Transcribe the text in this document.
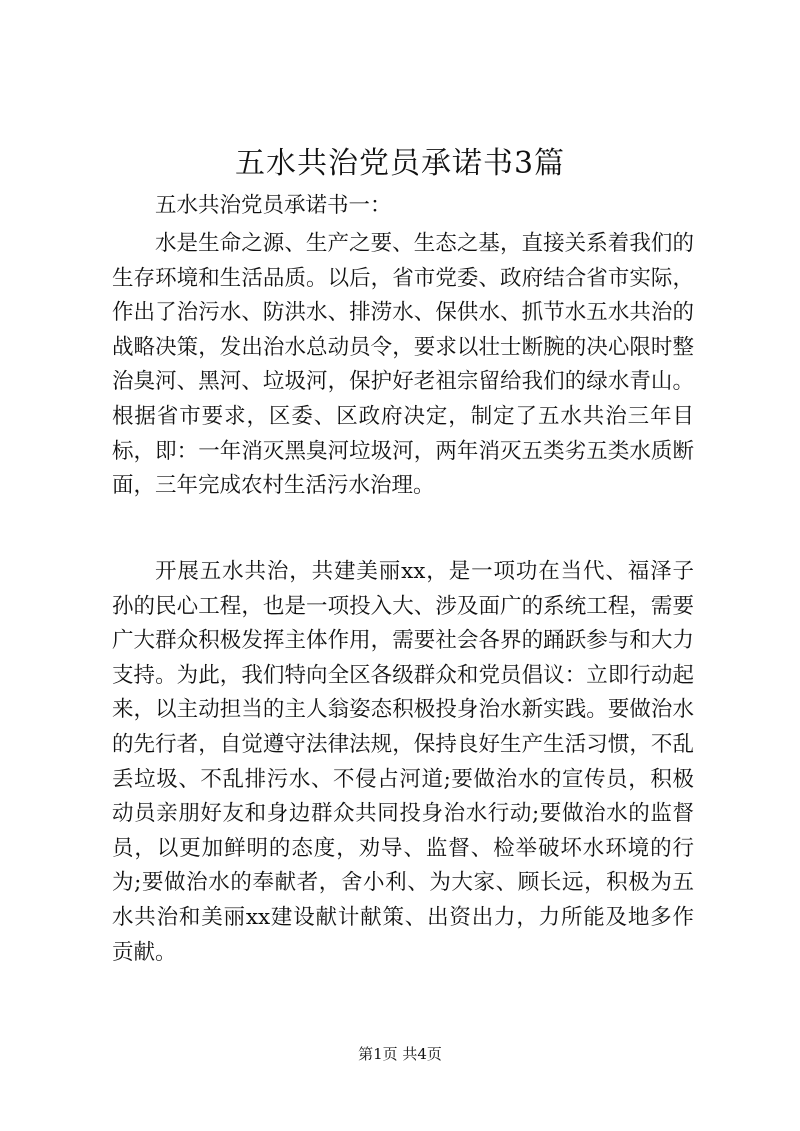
五水共治党员承诺书3篇

五水共治党员承诺书一：

水是生命之源、生产之要、生态之基，直接关系着我们的生存环境和生活品质。以后，省市党委、政府结合省市实际，作出了治污水、防洪水、排涝水、保供水、抓节水五水共治的战略决策，发出治水总动员令，要求以壮士断腕的决心限时整治臭河、黑河、垃圾河，保护好老祖宗留给我们的绿水青山。根据省市要求，区委、区政府决定，制定了五水共治三年目标，即：一年消灭黑臭河垃圾河，两年消灭五类劣五类水质断面，三年完成农村生活污水治理。

开展五水共治，共建美丽xx，是一项功在当代、福泽子孙的民心工程，也是一项投入大、涉及面广的系统工程，需要广大群众积极发挥主体作用，需要社会各界的踊跃参与和大力支持。为此，我们特向全区各级群众和党员倡议：立即行动起来，以主动担当的主人翁姿态积极投身治水新实践。要做治水的先行者，自觉遵守法律法规，保持良好生产生活习惯，不乱丢垃圾、不乱排污水、不侵占河道;要做治水的宣传员，积极动员亲朋好友和身边群众共同投身治水行动;要做治水的监督员，以更加鲜明的态度，劝导、监督、检举破坏水环境的行为;要做治水的奉献者，舍小利、为大家、顾长远，积极为五水共治和美丽xx建设献计献策、出资出力，力所能及地多作贡献。

第1页 共4页
